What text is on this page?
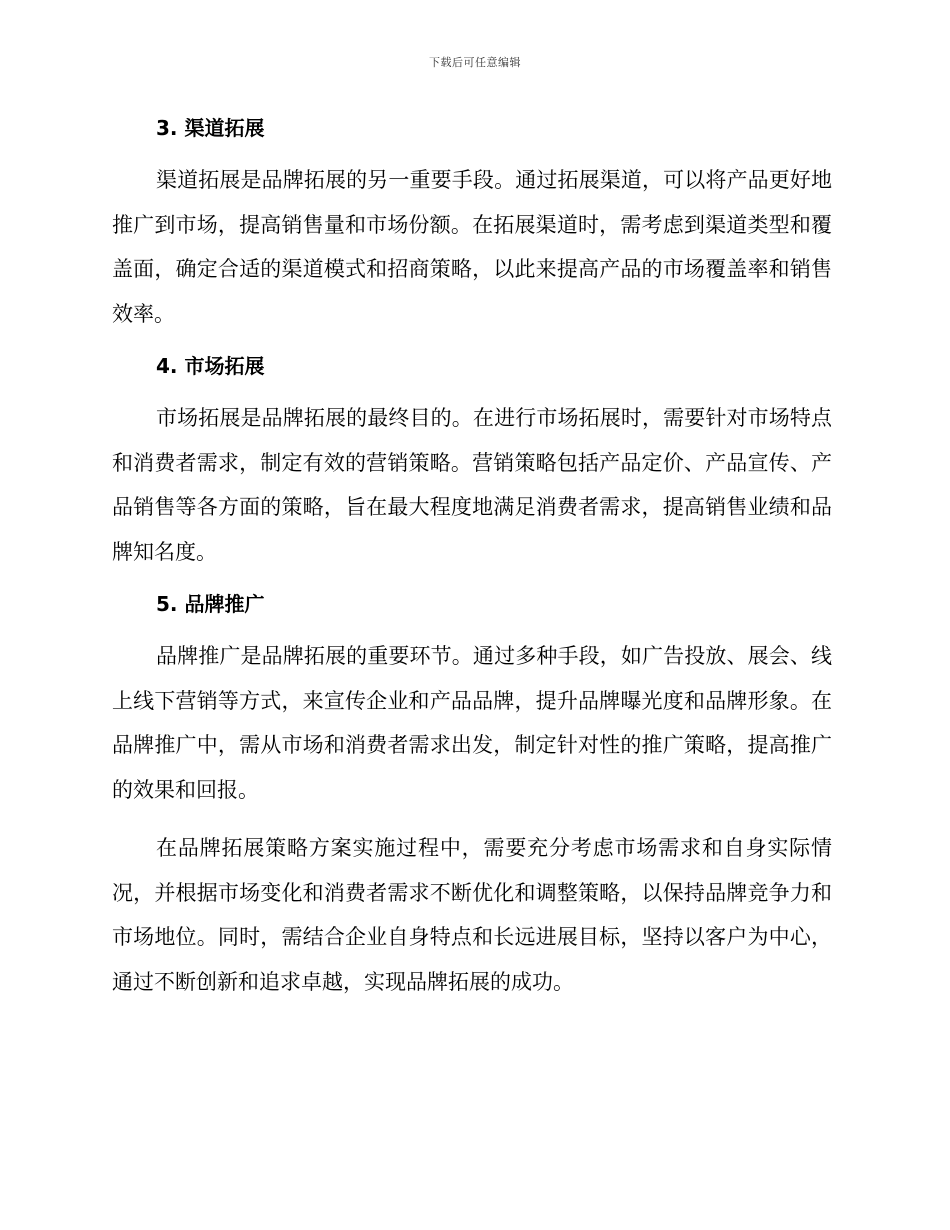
下载后可任意编辑
3. 渠道拓展

渠道拓展是品牌拓展的另一重要手段。通过拓展渠道，可以将产品更好地推广到市场，提高销售量和市场份额。在拓展渠道时，需考虑到渠道类型和覆盖面，确定合适的渠道模式和招商策略，以此来提高产品的市场覆盖率和销售效率。

4. 市场拓展

市场拓展是品牌拓展的最终目的。在进行市场拓展时，需要针对市场特点和消费者需求，制定有效的营销策略。营销策略包括产品定价、产品宣传、产品销售等各方面的策略，旨在最大程度地满足消费者需求，提高销售业绩和品牌知名度。

5. 品牌推广

品牌推广是品牌拓展的重要环节。通过多种手段，如广告投放、展会、线上线下营销等方式，来宣传企业和产品品牌，提升品牌曝光度和品牌形象。在品牌推广中，需从市场和消费者需求出发，制定针对性的推广策略，提高推广的效果和回报。

在品牌拓展策略方案实施过程中，需要充分考虑市场需求和自身实际情况，并根据市场变化和消费者需求不断优化和调整策略，以保持品牌竞争力和市场地位。同时，需结合企业自身特点和长远进展目标，坚持以客户为中心，通过不断创新和追求卓越，实现品牌拓展的成功。
